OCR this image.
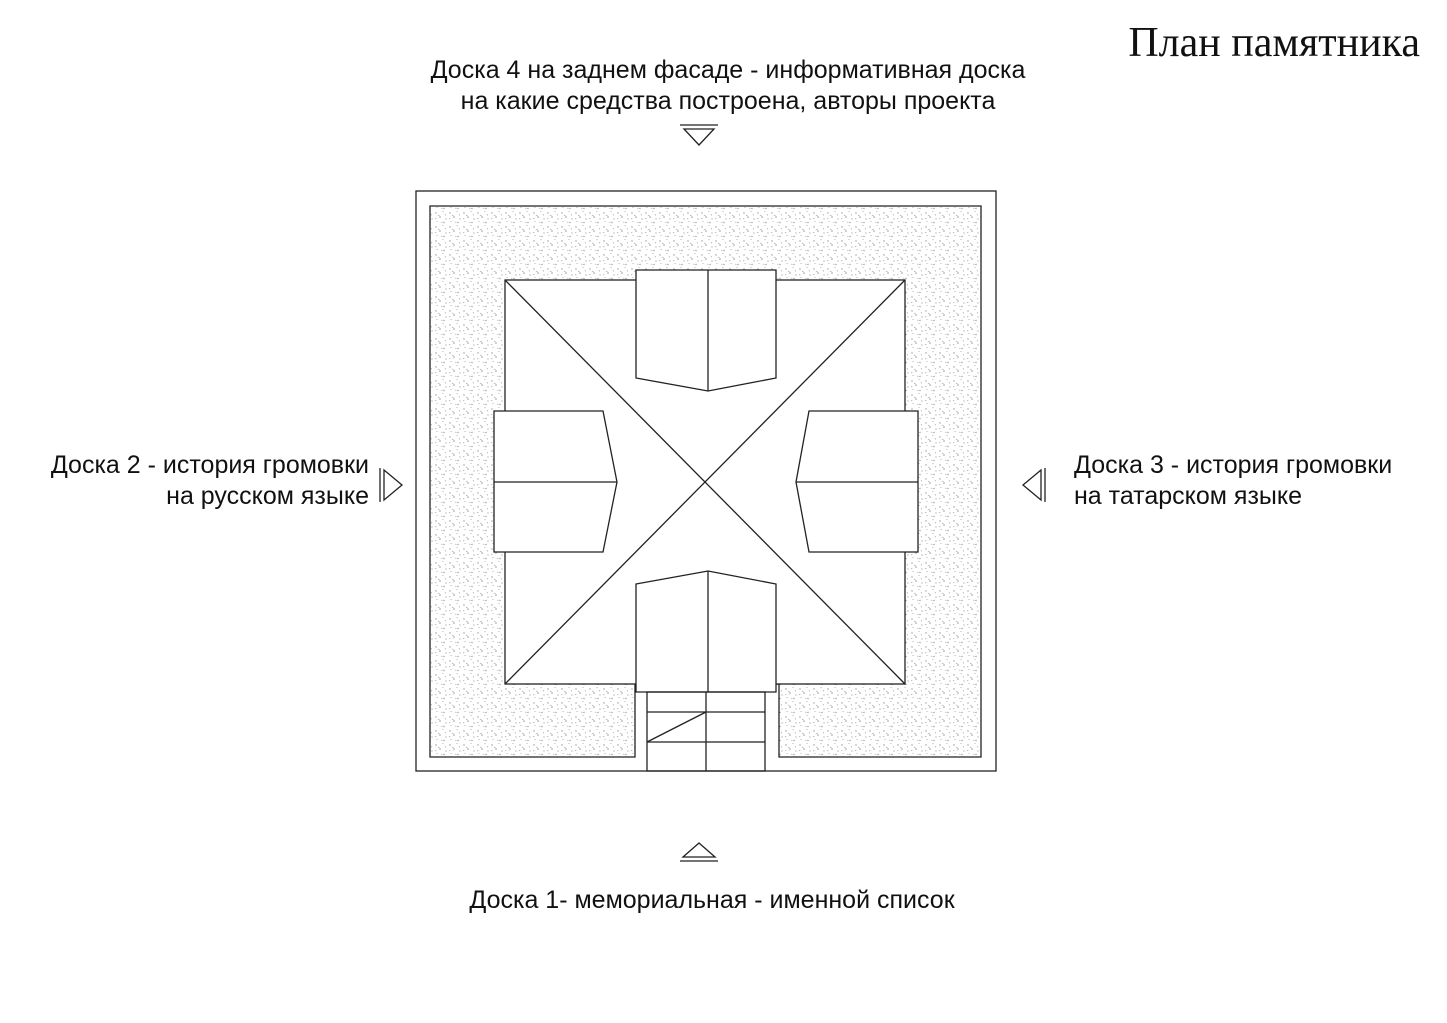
План памятника
Доска 4 на заднем фасаде - информативная доска
на какие средства построена, авторы проекта
Доска 2 - история громовки
на русском языке
Доска 3 - история громовки
на татарском языке
Доска 1- мемориальная - именной список
